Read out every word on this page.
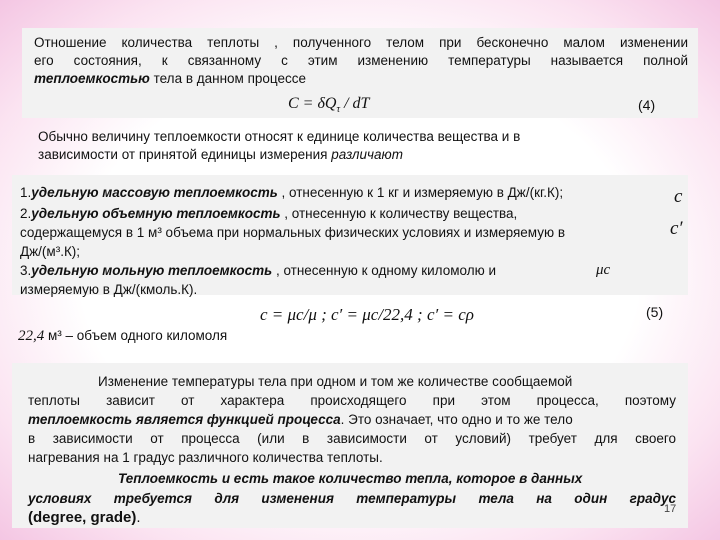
Отношение количества теплоты , полученного телом при бесконечно малом изменении
его состояния, к связанному с этим изменению температуры называется полной
теплоемкостью тела в данном процессе
$C = \delta Q_\tau$ / dT	(4)
Обычно величину теплоемкости относят к единице количества вещества и в
зависимости от принятой единицы измерения различают
1.удельную массовую теплоемкость , отнесенную к 1 кг и измеряемую в Дж/(кг.К);
2.удельную объемную теплоемкость , отнесенную к количеству вещества,
содержащемуся в 1 м³ объема при нормальных физических условиях и измеряемую в
Дж/(м³.К);
3.удельную мольную теплоемкость , отнесенную к одному киломолю и
измеряемую в Дж/(кмоль.К).
c
c′
μc
c = μc/μ ; c′ = μc/22,4 ; c′ = cρ	(5)
22,4 м³ – объем одного киломоля
Изменение температуры тела при одном и том же количестве сообщаемой
теплоты зависит от характера происходящего при этом процесса, поэтому
теплоемкость является функцией процесса. Это означает, что одно и то же тело
в зависимости от процесса (или в зависимости от условий) требует для своего
нагревания на 1 градус различного количества теплоты.
Теплоемкость и есть такое количество тепла, которое в данных
условиях требуется для изменения температуры тела на один градус
(degree, grade).	17
